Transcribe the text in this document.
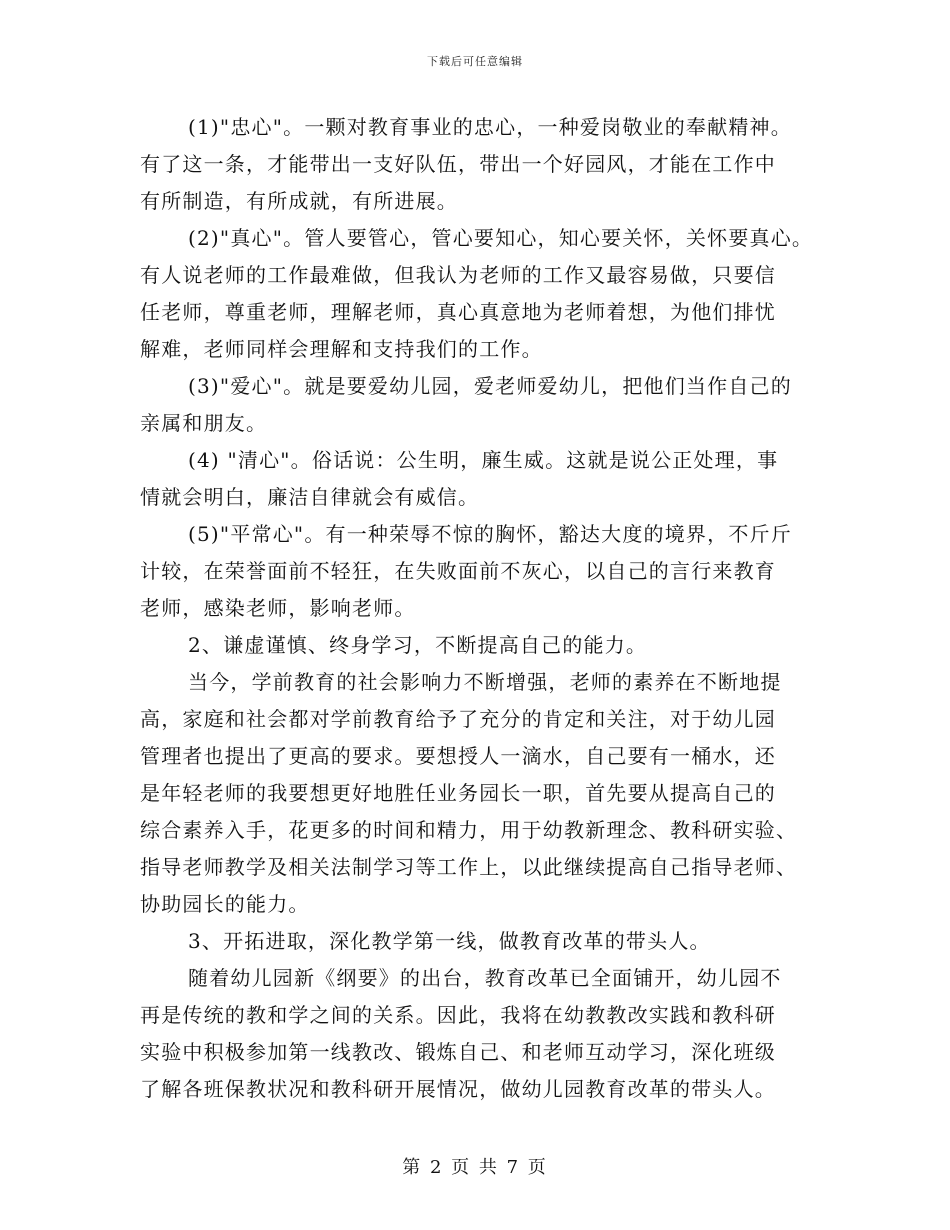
下载后可任意编辑
(1)"忠心"。一颗对教育事业的忠心，一种爱岗敬业的奉献精神。
有了这一条，才能带出一支好队伍，带出一个好园风，才能在工作中
有所制造，有所成就，有所进展。
(2)"真心"。管人要管心，管心要知心，知心要关怀，关怀要真心。
有人说老师的工作最难做，但我认为老师的工作又最容易做，只要信
任老师，尊重老师，理解老师，真心真意地为老师着想，为他们排忧
解难，老师同样会理解和支持我们的工作。
(3)"爱心"。就是要爱幼儿园，爱老师爱幼儿，把他们当作自己的
亲属和朋友。
(4) "清心"。俗话说：公生明，廉生威。这就是说公正处理，事
情就会明白，廉洁自律就会有威信。
(5)"平常心"。有一种荣辱不惊的胸怀，豁达大度的境界，不斤斤
计较，在荣誉面前不轻狂，在失败面前不灰心，以自己的言行来教育
老师，感染老师，影响老师。
2、谦虚谨慎、终身学习，不断提高自己的能力。
当今，学前教育的社会影响力不断增强，老师的素养在不断地提
高，家庭和社会都对学前教育给予了充分的肯定和关注，对于幼儿园
管理者也提出了更高的要求。要想授人一滴水，自己要有一桶水，还
是年轻老师的我要想更好地胜任业务园长一职，首先要从提高自己的
综合素养入手，花更多的时间和精力，用于幼教新理念、教科研实验、
指导老师教学及相关法制学习等工作上，以此继续提高自己指导老师、
协助园长的能力。
3、开拓进取，深化教学第一线，做教育改革的带头人。
随着幼儿园新《纲要》的出台，教育改革已全面铺开，幼儿园不
再是传统的教和学之间的关系。因此，我将在幼教教改实践和教科研
实验中积极参加第一线教改、锻炼自己、和老师互动学习，深化班级
了解各班保教状况和教科研开展情况，做幼儿园教育改革的带头人。
第 2 页 共 7 页
